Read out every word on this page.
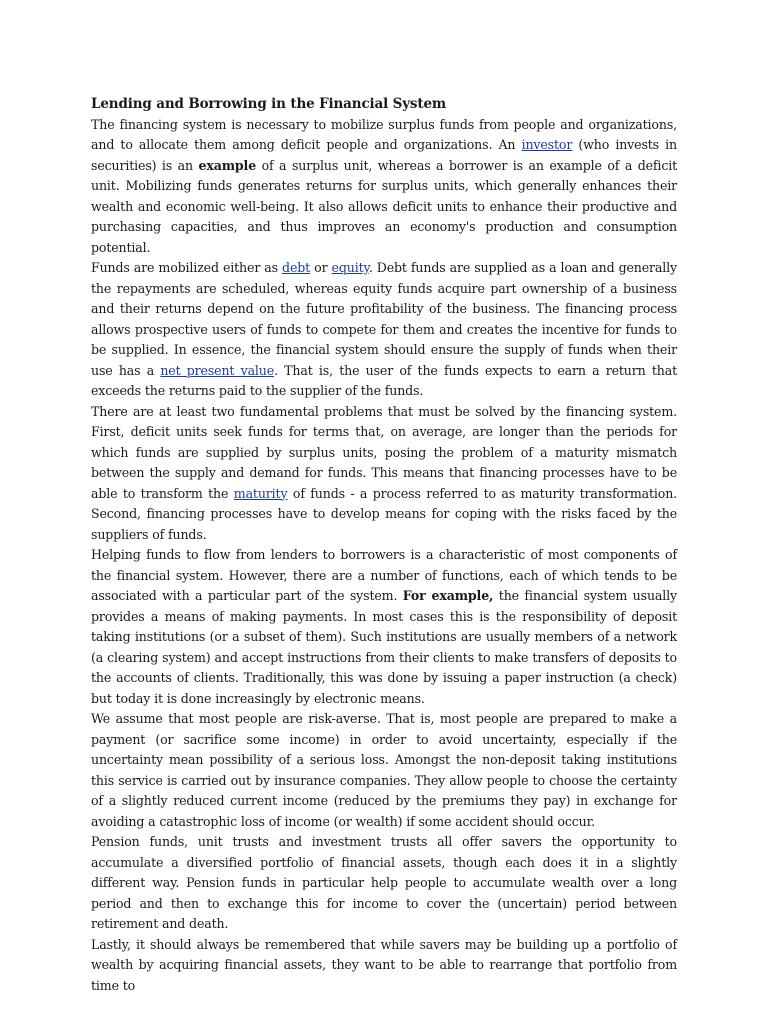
Lending and Borrowing in the Financial System

The financing system is necessary to mobilize surplus funds from people and organizations, and to allocate them among deficit people and organizations. An investor (who invests in securities) is an example of a surplus unit, whereas a borrower is an example of a deficit unit. Mobilizing funds generates returns for surplus units, which generally enhances their wealth and economic well-being. It also allows deficit units to enhance their productive and purchasing capacities, and thus improves an economy's production and consumption potential.

Funds are mobilized either as debt or equity. Debt funds are supplied as a loan and generally the repayments are scheduled, whereas equity funds acquire part ownership of a business and their returns depend on the future profitability of the business. The financing process allows prospective users of funds to compete for them and creates the incentive for funds to be supplied. In essence, the financial system should ensure the supply of funds when their use has a net present value. That is, the user of the funds expects to earn a return that exceeds the returns paid to the supplier of the funds.

There are at least two fundamental problems that must be solved by the financing system. First, deficit units seek funds for terms that, on average, are longer than the periods for which funds are supplied by surplus units, posing the problem of a maturity mismatch between the supply and demand for funds. This means that financing processes have to be able to transform the maturity of funds - a process referred to as maturity transformation. Second, financing processes have to develop means for coping with the risks faced by the suppliers of funds.

Helping funds to flow from lenders to borrowers is a characteristic of most components of the financial system. However, there are a number of functions, each of which tends to be associated with a particular part of the system. For example, the financial system usually provides a means of making payments. In most cases this is the responsibility of deposit taking institutions (or a subset of them). Such institutions are usually members of a network (a clearing system) and accept instructions from their clients to make transfers of deposits to the accounts of clients. Traditionally, this was done by issuing a paper instruction (a check) but today it is done increasingly by electronic means.

We assume that most people are risk-averse. That is, most people are prepared to make a payment (or sacrifice some income) in order to avoid uncertainty, especially if the uncertainty mean possibility of a serious loss. Amongst the non-deposit taking institutions this service is carried out by insurance companies. They allow people to choose the certainty of a slightly reduced current income (reduced by the premiums they pay) in exchange for avoiding a catastrophic loss of income (or wealth) if some accident should occur.

Pension funds, unit trusts and investment trusts all offer savers the opportunity to accumulate a diversified portfolio of financial assets, though each does it in a slightly different way. Pension funds in particular help people to accumulate wealth over a long period and then to exchange this for income to cover the (uncertain) period between retirement and death.

Lastly, it should always be remembered that while savers may be building up a portfolio of wealth by acquiring financial assets, they want to be able to rearrange that portfolio from time to
